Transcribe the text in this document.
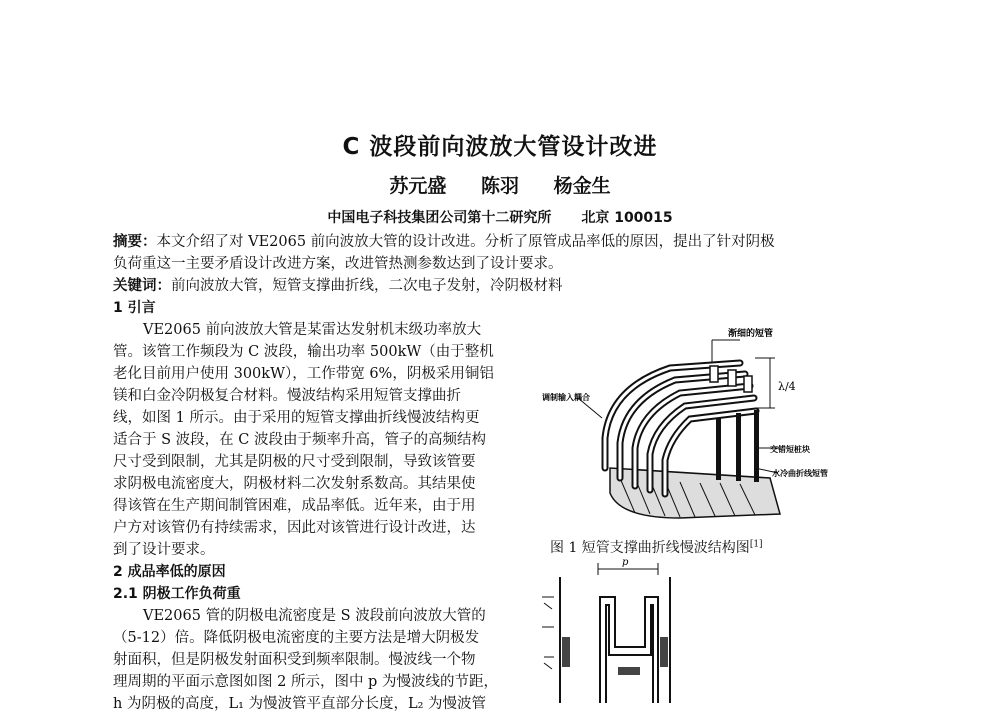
C 波段前向波放大管设计改进
苏元盛 陈羽 杨金生
中国电子科技集团公司第十二研究所 北京 100015
摘要：本文介绍了对 VE2065 前向波放大管的设计改进。分析了原管成品率低的原因，提出了针对阴极
负荷重这一主要矛盾设计改进方案，改进管热测参数达到了设计要求。
关键词：前向波放大管，短管支撑曲折线，二次电子发射，冷阴极材料
1 引言
VE2065 前向波放大管是某雷达发射机末级功率放大
管。该管工作频段为 C 波段，输出功率 500kW（由于整机
老化目前用户使用 300kW），工作带宽 6%，阴极采用铜铝
镁和白金冷阴极复合材料。慢波结构采用短管支撑曲折
线，如图 1 所示。由于采用的短管支撑曲折线慢波结构更
适合于 S 波段，在 C 波段由于频率升高，管子的高频结构
尺寸受到限制，尤其是阴极的尺寸受到限制，导致该管要
求阴极电流密度大，阴极材料二次发射系数高。其结果使
得该管在生产期间制管困难，成品率低。近年来，由于用
户方对该管仍有持续需求，因此对该管进行设计改进，达
到了设计要求。
2 成品率低的原因
2.1 阴极工作负荷重
VE2065 管的阴极电流密度是 S 波段前向波放大管的
（5-12）倍。降低阴极电流密度的主要方法是增大阴极发
射面积，但是阴极发射面积受到频率限制。慢波线一个物
理周期的平面示意图如图 2 所示，图中 p 为慢波线的节距，
h 为阴极的高度，L₁ 为慢波管平直部分长度，L₂ 为慢波管
λ/4
渐细的短管
调制输入耦合
交错短桩块
水冷曲折线短管
图 1 短管支撑曲折线慢波结构图[1]
p
